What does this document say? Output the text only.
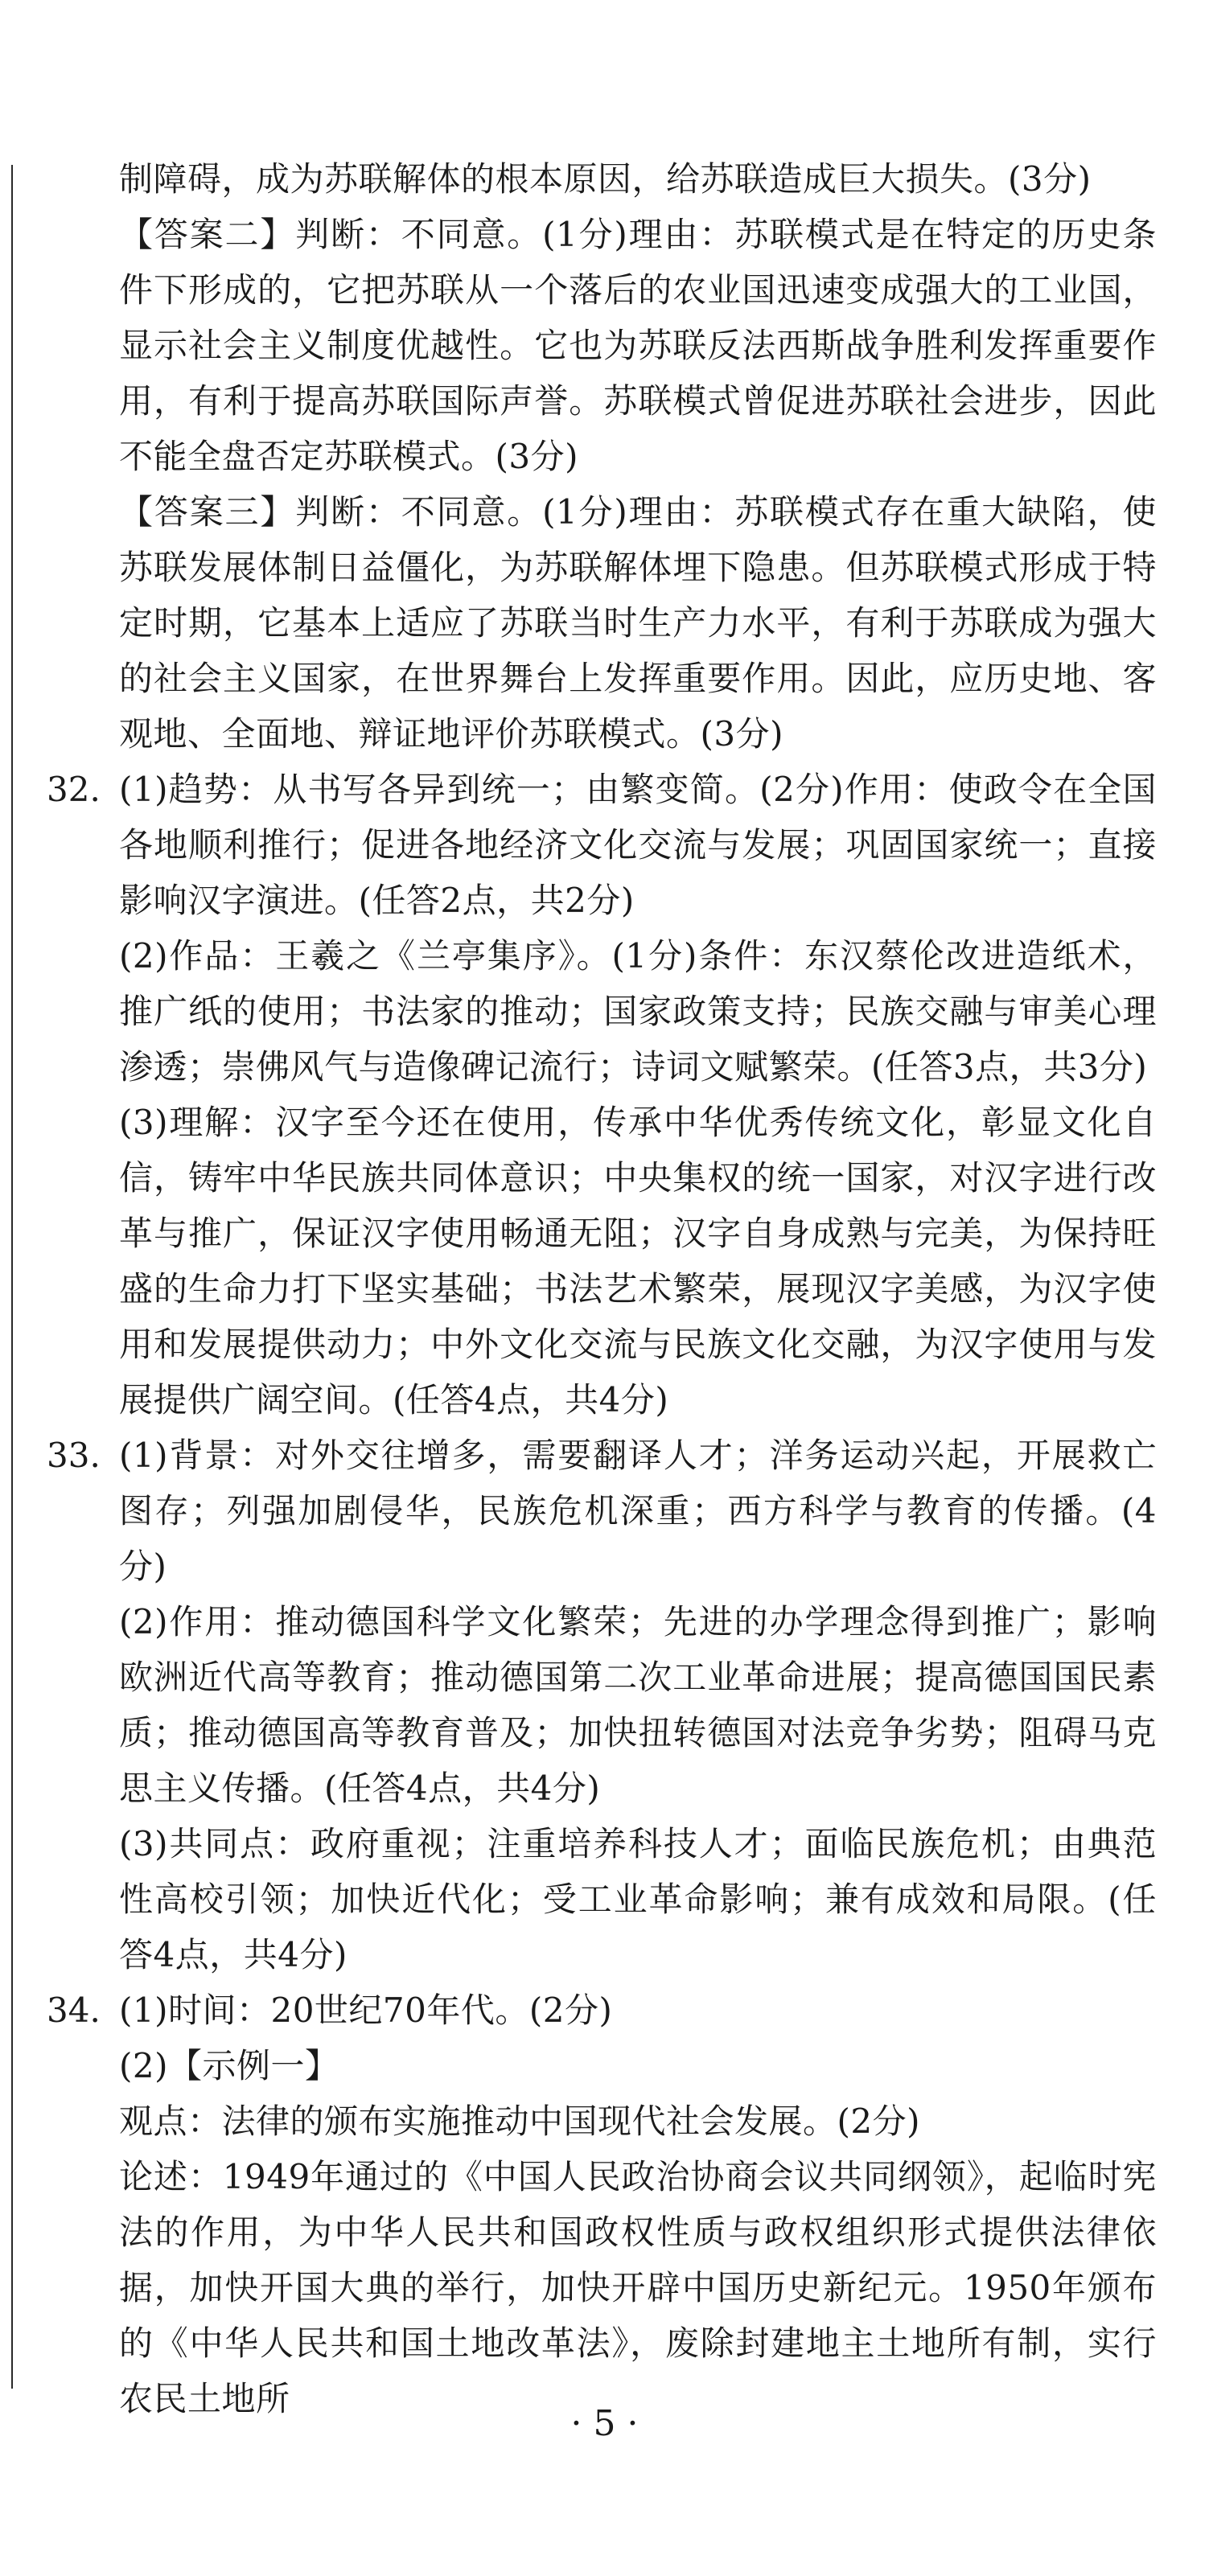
制障碍，成为苏联解体的根本原因，给苏联造成巨大损失。(3分)

【答案二】判断：不同意。(1分)理由：苏联模式是在特定的历史条件下形成的，它把苏联从一个落后的农业国迅速变成强大的工业国，显示社会主义制度优越性。它也为苏联反法西斯战争胜利发挥重要作用，有利于提高苏联国际声誉。苏联模式曾促进苏联社会进步，因此不能全盘否定苏联模式。(3分)

【答案三】判断：不同意。(1分)理由：苏联模式存在重大缺陷，使苏联发展体制日益僵化，为苏联解体埋下隐患。但苏联模式形成于特定时期，它基本上适应了苏联当时生产力水平，有利于苏联成为强大的社会主义国家，在世界舞台上发挥重要作用。因此，应历史地、客观地、全面地、辩证地评价苏联模式。(3分)

32. (1)趋势：从书写各异到统一；由繁变简。(2分)作用：使政令在全国各地顺利推行；促进各地经济文化交流与发展；巩固国家统一；直接影响汉字演进。(任答2点，共2分)

(2)作品：王羲之《兰亭集序》。(1分)条件：东汉蔡伦改进造纸术，推广纸的使用；书法家的推动；国家政策支持；民族交融与审美心理渗透；崇佛风气与造像碑记流行；诗词文赋繁荣。(任答3点，共3分)

(3)理解：汉字至今还在使用，传承中华优秀传统文化，彰显文化自信，铸牢中华民族共同体意识；中央集权的统一国家，对汉字进行改革与推广，保证汉字使用畅通无阻；汉字自身成熟与完美，为保持旺盛的生命力打下坚实基础；书法艺术繁荣，展现汉字美感，为汉字使用和发展提供动力；中外文化交流与民族文化交融，为汉字使用与发展提供广阔空间。(任答4点，共4分)

33. (1)背景：对外交往增多，需要翻译人才；洋务运动兴起，开展救亡图存；列强加剧侵华，民族危机深重；西方科学与教育的传播。(4分)

(2)作用：推动德国科学文化繁荣；先进的办学理念得到推广；影响欧洲近代高等教育；推动德国第二次工业革命进展；提高德国国民素质；推动德国高等教育普及；加快扭转德国对法竞争劣势；阻碍马克思主义传播。(任答4点，共4分)

(3)共同点：政府重视；注重培养科技人才；面临民族危机；由典范性高校引领；加快近代化；受工业革命影响；兼有成效和局限。(任答4点，共4分)

34. (1)时间：20世纪70年代。(2分)

(2)【示例一】

观点：法律的颁布实施推动中国现代社会发展。(2分)

论述：1949年通过的《中国人民政治协商会议共同纲领》，起临时宪法的作用，为中华人民共和国政权性质与政权组织形式提供法律依据，加快开国大典的举行，加快开辟中国历史新纪元。1950年颁布的《中华人民共和国土地改革法》，废除封建地主土地所有制，实行农民土地所

· 5 ·
